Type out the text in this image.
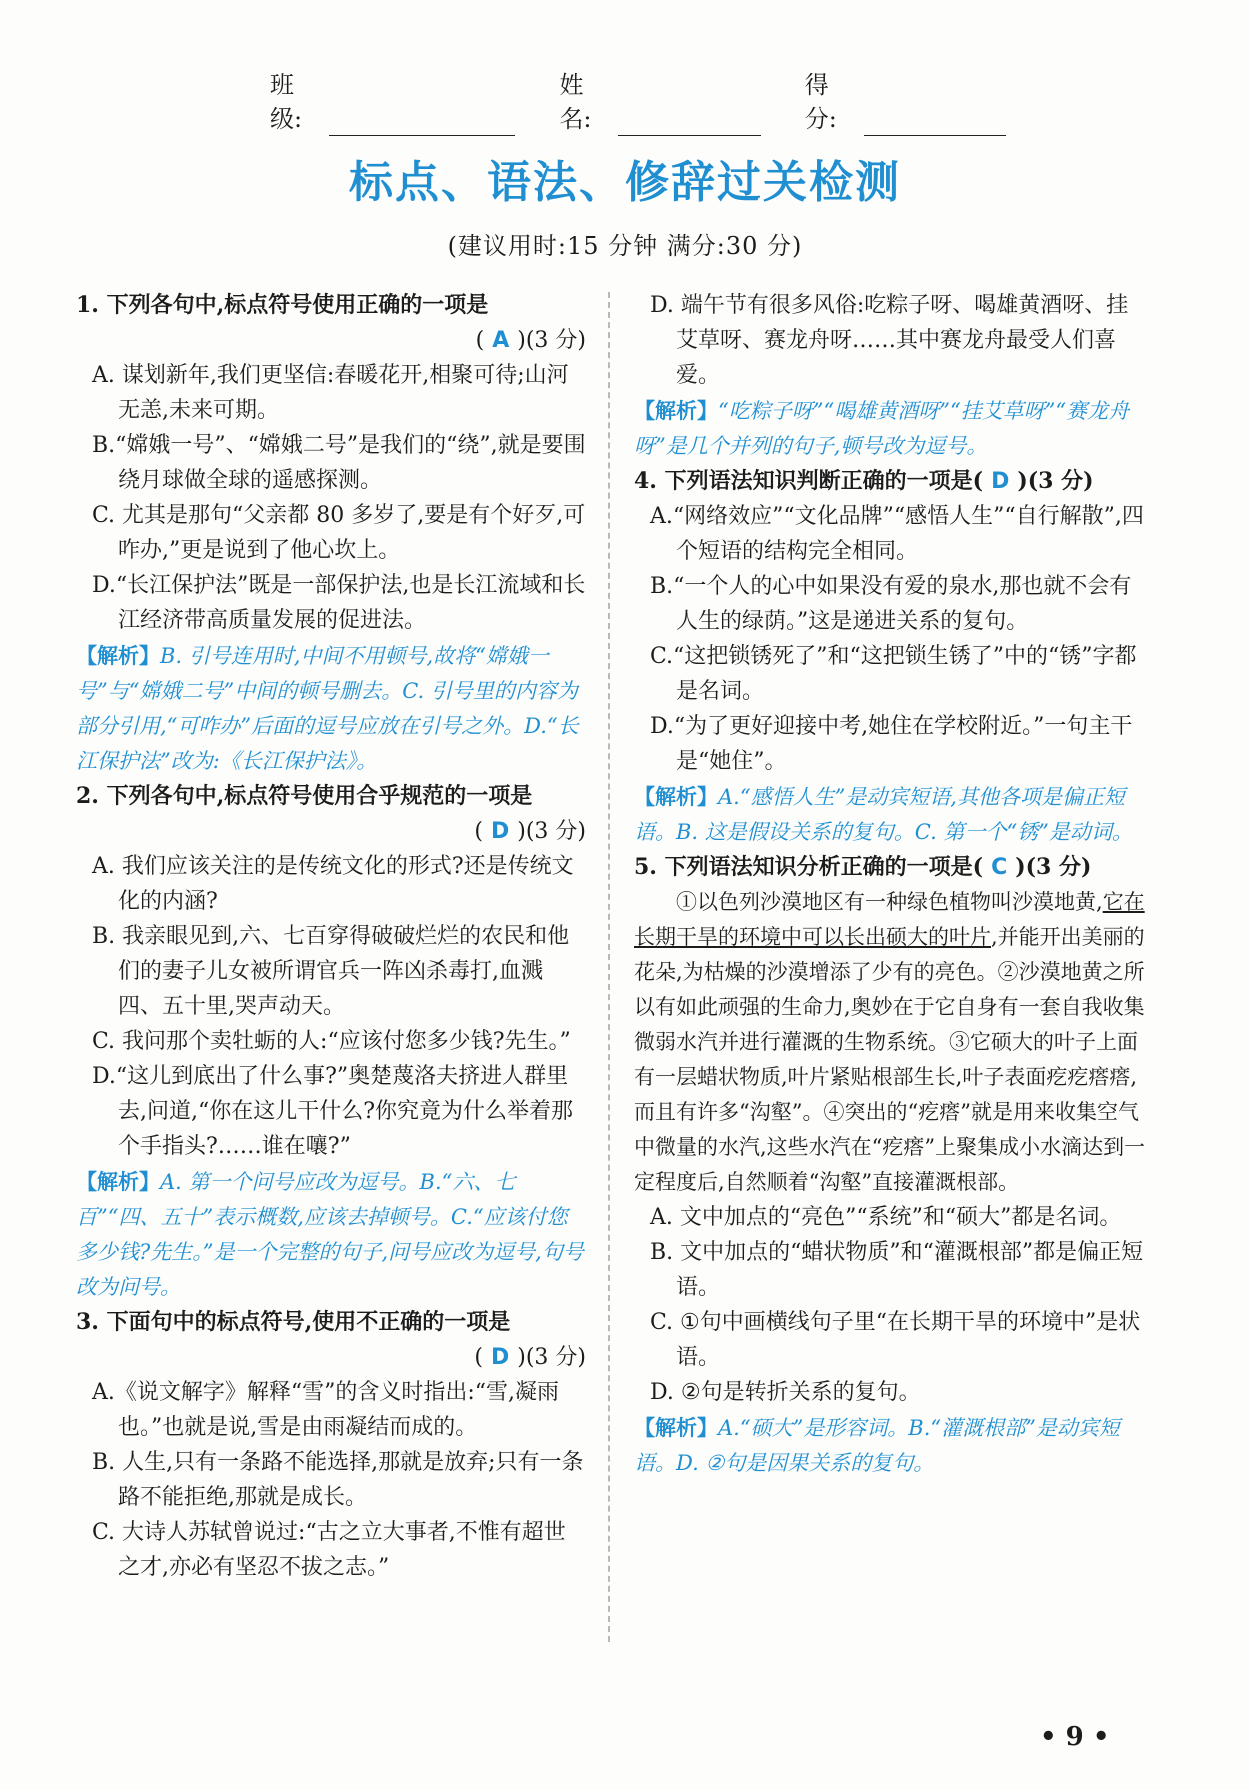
班级:
姓名:
得分:
标点、语法、修辞过关检测
(建议用时:15 分钟 满分:30 分)
1. 下列各句中,标点符号使用正确的一项是
( A )(3 分)
A. 谋划新年,我们更坚信:春暖花开,相聚可待;山河无恙,未来可期。
B.“嫦娥一号”、“嫦娥二号”是我们的“绕”,就是要围绕月球做全球的遥感探测。
C. 尤其是那句“父亲都 80 多岁了,要是有个好歹,可咋办,”更是说到了他心坎上。
D.“长江保护法”既是一部保护法,也是长江流域和长江经济带高质量发展的促进法。
【解析】B. 引号连用时,中间不用顿号,故将“嫦娥一号”与“嫦娥二号”中间的顿号删去。C. 引号里的内容为部分引用,“可咋办”后面的逗号应放在引号之外。D.“长江保护法”改为:《长江保护法》。
2. 下列各句中,标点符号使用合乎规范的一项是
( D )(3 分)
A. 我们应该关注的是传统文化的形式?还是传统文化的内涵?
B. 我亲眼见到,六、七百穿得破破烂烂的农民和他们的妻子儿女被所谓官兵一阵凶杀毒打,血溅四、五十里,哭声动天。
C. 我问那个卖牡蛎的人:“应该付您多少钱?先生。”
D.“这儿到底出了什么事?”奥楚蔑洛夫挤进人群里去,问道,“你在这儿干什么?你究竟为什么举着那个手指头?……谁在嚷?”
【解析】A. 第一个问号应改为逗号。B.“六、七百”“四、五十”表示概数,应该去掉顿号。C.“应该付您多少钱?先生。”是一个完整的句子,问号应改为逗号,句号改为问号。
3. 下面句中的标点符号,使用不正确的一项是
( D )(3 分)
A.《说文解字》解释“雪”的含义时指出:“雪,凝雨也。”也就是说,雪是由雨凝结而成的。
B. 人生,只有一条路不能选择,那就是放弃;只有一条路不能拒绝,那就是成长。
C. 大诗人苏轼曾说过:“古之立大事者,不惟有超世之才,亦必有坚忍不拔之志。”
D. 端午节有很多风俗:吃粽子呀、喝雄黄酒呀、挂艾草呀、赛龙舟呀……其中赛龙舟最受人们喜爱。
【解析】“吃粽子呀”“喝雄黄酒呀”“挂艾草呀”“赛龙舟呀”是几个并列的句子,顿号改为逗号。
4. 下列语法知识判断正确的一项是( D )(3 分)
A.“网络效应”“文化品牌”“感悟人生”“自行解散”,四个短语的结构完全相同。
B.“一个人的心中如果没有爱的泉水,那也就不会有人生的绿荫。”这是递进关系的复句。
C.“这把锁锈死了”和“这把锁生锈了”中的“锈”字都是名词。
D.“为了更好迎接中考,她住在学校附近。”一句主干是“她住”。
【解析】A.“感悟人生”是动宾短语,其他各项是偏正短语。B. 这是假设关系的复句。C. 第一个“锈”是动词。
5. 下列语法知识分析正确的一项是( C )(3 分)
①以色列沙漠地区有一种绿色植物叫沙漠地黄,它在长期干旱的环境中可以长出硕大的叶片,并能开出美丽的花朵,为枯燥的沙漠增添了少有的亮色。②沙漠地黄之所以有如此顽强的生命力,奥妙在于它自身有一套自我收集微弱水汽并进行灌溉的生物系统。③它硕大的叶子上面有一层蜡状物质,叶片紧贴根部生长,叶子表面疙疙瘩瘩,而且有许多“沟壑”。④突出的“疙瘩”就是用来收集空气中微量的水汽,这些水汽在“疙瘩”上聚集成小水滴达到一定程度后,自然顺着“沟壑”直接灌溉根部。
A. 文中加点的“亮色”“系统”和“硕大”都是名词。
B. 文中加点的“蜡状物质”和“灌溉根部”都是偏正短语。
C. ①句中画横线句子里“在长期干旱的环境中”是状语。
D. ②句是转折关系的复句。
【解析】A.“硕大”是形容词。B.“灌溉根部”是动宾短语。D. ②句是因果关系的复句。
• 9 •
